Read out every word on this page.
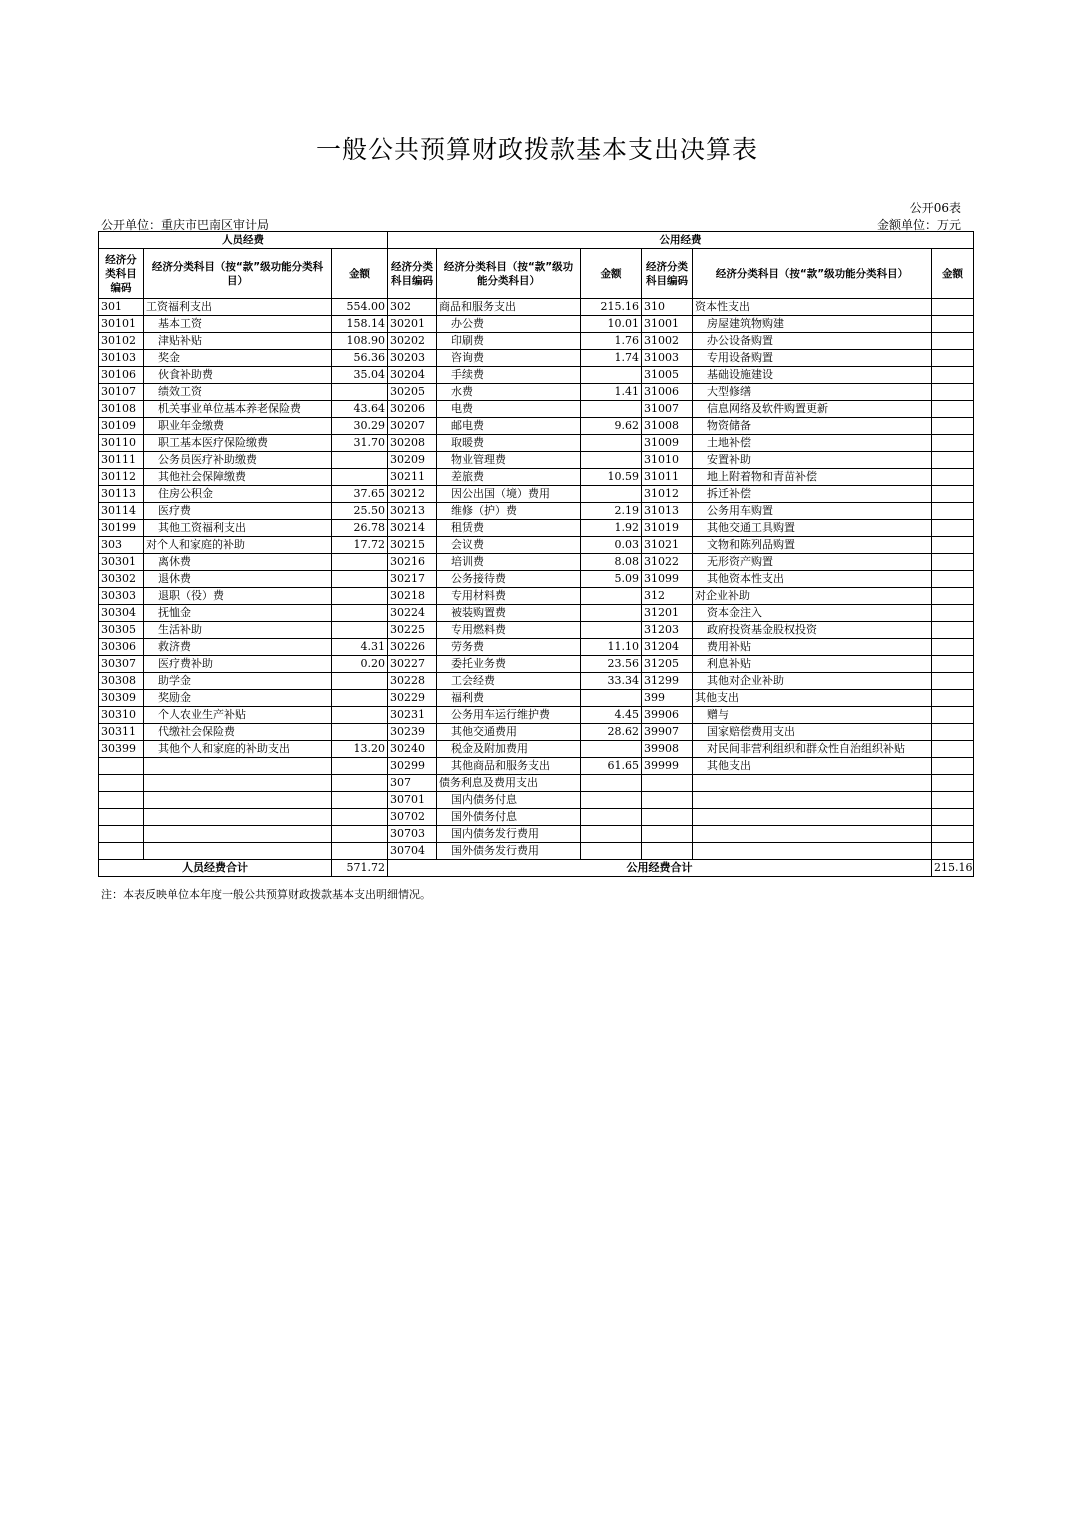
一般公共预算财政拨款基本支出决算表
公开06表
公开单位：重庆市巴南区审计局	金额单位：万元
人员经费			公用经费					
经济分类科目编码	经济分类科目（按“款”级功能分类科目）	金额	经济分类科目编码	经济分类科目（按“款”级功能分类科目）	金额	经济分类科目编码	经济分类科目（按“款”级功能分类科目）	金额
301	工资福利支出	554.00	302	商品和服务支出	215.16	310	资本性支出	
30101	基本工资	158.14	30201	办公费	10.01	31001	房屋建筑物购建	
30102	津贴补贴	108.90	30202	印刷费	1.76	31002	办公设备购置	
30103	奖金	56.36	30203	咨询费	1.74	31003	专用设备购置	
30106	伙食补助费	35.04	30204	手续费		31005	基础设施建设	
30107	绩效工资		30205	水费	1.41	31006	大型修缮	
30108	机关事业单位基本养老保险费	43.64	30206	电费		31007	信息网络及软件购置更新	
30109	职业年金缴费	30.29	30207	邮电费	9.62	31008	物资储备	
30110	职工基本医疗保险缴费	31.70	30208	取暖费		31009	土地补偿	
30111	公务员医疗补助缴费		30209	物业管理费		31010	安置补助	
30112	其他社会保障缴费		30211	差旅费	10.59	31011	地上附着物和青苗补偿	
30113	住房公积金	37.65	30212	因公出国（境）费用		31012	拆迁补偿	
30114	医疗费	25.50	30213	维修（护）费	2.19	31013	公务用车购置	
30199	其他工资福利支出	26.78	30214	租赁费	1.92	31019	其他交通工具购置	
303	对个人和家庭的补助	17.72	30215	会议费	0.03	31021	文物和陈列品购置	
30301	离休费		30216	培训费	8.08	31022	无形资产购置	
30302	退休费		30217	公务接待费	5.09	31099	其他资本性支出	
30303	退职（役）费		30218	专用材料费		312	对企业补助	
30304	抚恤金		30224	被装购置费		31201	资本金注入	
30305	生活补助		30225	专用燃料费		31203	政府投资基金股权投资	
30306	救济费	4.31	30226	劳务费	11.10	31204	费用补贴	
30307	医疗费补助	0.20	30227	委托业务费	23.56	31205	利息补贴	
30308	助学金		30228	工会经费	33.34	31299	其他对企业补助	
30309	奖励金		30229	福利费		399	其他支出	
30310	个人农业生产补贴		30231	公务用车运行维护费	4.45	39906	赠与	
30311	代缴社会保险费		30239	其他交通费用	28.62	39907	国家赔偿费用支出	
30399	其他个人和家庭的补助支出	13.20	30240	税金及附加费用		39908	对民间非营利组织和群众性自治组织补贴	
			30299	其他商品和服务支出	61.65	39999	其他支出	
			307	债务利息及费用支出				
			30701	国内债务付息				
			30702	国外债务付息				
			30703	国内债务发行费用				
			30704	国外债务发行费用				
人员经费合计		571.72	公用经费合计					215.16
注：本表反映单位本年度一般公共预算财政拨款基本支出明细情况。
